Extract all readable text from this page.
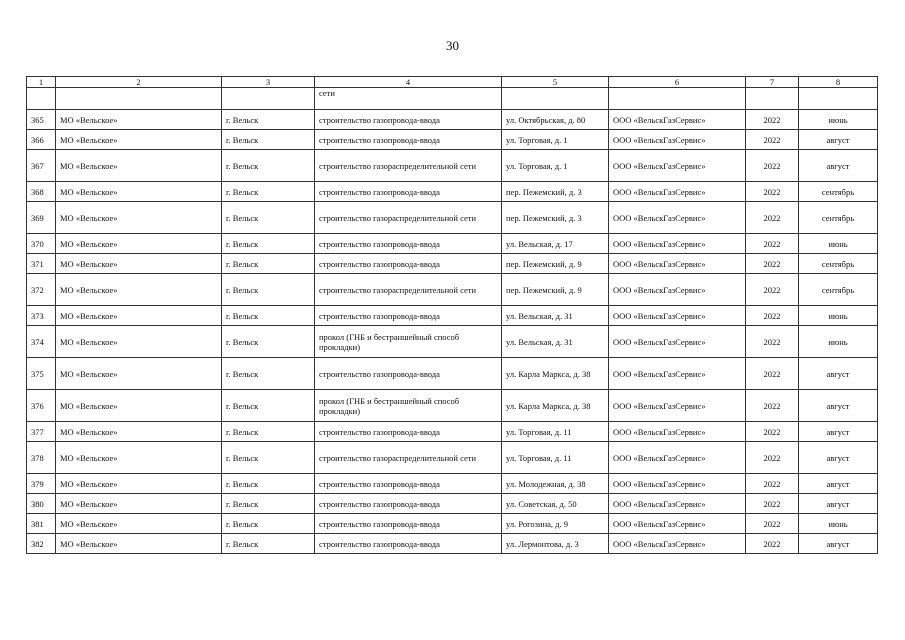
30
1	2	3	4	5	6	7	8
			сети				
365	МО «Вельское»	г. Вельск	строительство газопровода-ввода	ул. Октябрьская, д. 80	ООО «ВельскГазСервис»	2022	июнь
366	МО «Вельское»	г. Вельск	строительство газопровода-ввода	ул. Торговая, д. 1	ООО «ВельскГазСервис»	2022	август
367	МО «Вельское»	г. Вельск	строительство газораспределительной сети	ул. Торговая, д. 1	ООО «ВельскГазСервис»	2022	август
368	МО «Вельское»	г. Вельск	строительство газопровода-ввода	пер. Пежемский, д. 3	ООО «ВельскГазСервис»	2022	сентябрь
369	МО «Вельское»	г. Вельск	строительство газораспределительной сети	пер. Пежемский, д. 3	ООО «ВельскГазСервис»	2022	сентябрь
370	МО «Вельское»	г. Вельск	строительство газопровода-ввода	ул. Вельская, д. 17	ООО «ВельскГазСервис»	2022	июнь
371	МО «Вельское»	г. Вельск	строительство газопровода-ввода	пер. Пежемский, д. 9	ООО «ВельскГазСервис»	2022	сентябрь
372	МО «Вельское»	г. Вельск	строительство газораспределительной сети	пер. Пежемский, д. 9	ООО «ВельскГазСервис»	2022	сентябрь
373	МО «Вельское»	г. Вельск	строительство газопровода-ввода	ул. Вельская, д. 31	ООО «ВельскГазСервис»	2022	июнь
374	МО «Вельское»	г. Вельск	прокол (ГНБ и бестраншейный способ прокладки)	ул. Вельская, д. 31	ООО «ВельскГазСервис»	2022	июнь
375	МО «Вельское»	г. Вельск	строительство газопровода-ввода	ул. Карла Маркса, д. 38	ООО «ВельскГазСервис»	2022	август
376	МО «Вельское»	г. Вельск	прокол (ГНБ и бестраншейный способ прокладки)	ул. Карла Маркса, д. 38	ООО «ВельскГазСервис»	2022	август
377	МО «Вельское»	г. Вельск	строительство газопровода-ввода	ул. Торговая, д. 11	ООО «ВельскГазСервис»	2022	август
378	МО «Вельское»	г. Вельск	строительство газораспределительной сети	ул. Торговая, д. 11	ООО «ВельскГазСервис»	2022	август
379	МО «Вельское»	г. Вельск	строительство газопровода-ввода	ул. Молодежная, д. 38	ООО «ВельскГазСервис»	2022	август
380	МО «Вельское»	г. Вельск	строительство газопровода-ввода	ул. Советская, д. 50	ООО «ВельскГазСервис»	2022	август
381	МО «Вельское»	г. Вельск	строительство газопровода-ввода	ул. Рогозина, д. 9	ООО «ВельскГазСервис»	2022	июнь
382	МО «Вельское»	г. Вельск	строительство газопровода-ввода	ул. Лермонтова, д. 3	ООО «ВельскГазСервис»	2022	август
